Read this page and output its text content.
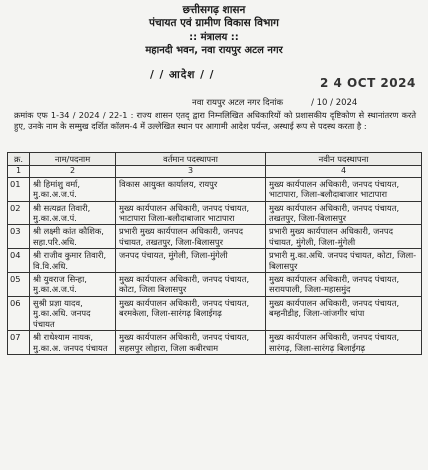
छत्तीसगढ़ शासन
पंचायत एवं ग्रामीण विकास विभाग
:: मंत्रालय ::
महानदी भवन, नवा रायपुर अटल नगर
/ / आदेश / /
2 4 OCT 2024
नवा रायपुर अटल नगर दिनांक	/ 10 / 2024
क्रमांक एफ 1-34 / 2024 / 22-1 : राज्य शासन एतद् द्वारा निम्नलिखित अधिकारियों को प्रशासकीय दृष्टिकोण से स्थानांतरण करते हुए, उनके नाम के सम्मुख दर्शित कॉलम-4 में उल्लेखित स्थान पर आगामी आदेश पर्यन्त, अस्थाई रूप से पदस्थ करता है :
क्र.	नाम/पदनाम	वर्तमान पदस्थापना	नवीन पदस्थापना
1	2	3	4
01	श्री हिमांशु वर्मा, मु.का.अ.ज.पं.	विकास आयुक्त कार्यालय, रायपुर	मुख्य कार्यपालन अधिकारी, जनपद पंचायत, भाटापारा, जिला-बलौदाबाजार भाटापारा
02	श्री सत्यव्रत तिवारी, मु.का.अ.ज.पं.	मुख्य कार्यपालन अधिकारी, जनपद पंचायत, भाटापारा जिला-बलौदाबाजार भाटापारा	मुख्य कार्यपालन अधिकारी, जनपद पंचायत, तखतपुर, जिला-बिलासपुर
03	श्री लक्ष्मी कांत कौशिक, सहा.परि.अधि.	प्रभारी मुख्य कार्यपालन अधिकारी, जनपद पंचायत, तखतपुर, जिला-बिलासपुर	प्रभारी मुख्य कार्यपालन अधिकारी, जनपद पंचायत, मुंगेली, जिला-मुंगेली
04	श्री राजीव कुमार तिवारी, वि.वि.अधि.	जनपद पंचायत, मुंगेली, जिला-मुंगेली	प्रभारी मु.का.अधि. जनपद पंचायत, कोटा, जिला-बिलासपुर
05	श्री युवराज सिन्हा, मु.का.अ.ज.पं.	मुख्य कार्यपालन अधिकारी, जनपद पंचायत, कोटा, जिला बिलासपुर	मुख्य कार्यपालन अधिकारी, जनपद पंचायत, सरायपाली, जिला-महासमुंद
06	सुश्री प्रज्ञा यादव, मु.का.अधि. जनपद पंचायत	मुख्य कार्यपालन अधिकारी, जनपद पंचायत, बरमकेला, जिला-सारंगढ़ बिलाईगढ़	मुख्य कार्यपालन अधिकारी, जनपद पंचायत, बम्हनीडीह, जिला-जांजगीर चांपा
07	श्री राधेश्याम नायक, मु.का.अ. जनपद पंचायत	मुख्य कार्यपालन अधिकारी, जनपद पंचायत, सहसपुर लोहारा, जिला कबीरधाम	मुख्य कार्यपालन अधिकारी, जनपद पंचायत, सारंगढ़, जिला-सारंगढ़ बिलाईगढ़
